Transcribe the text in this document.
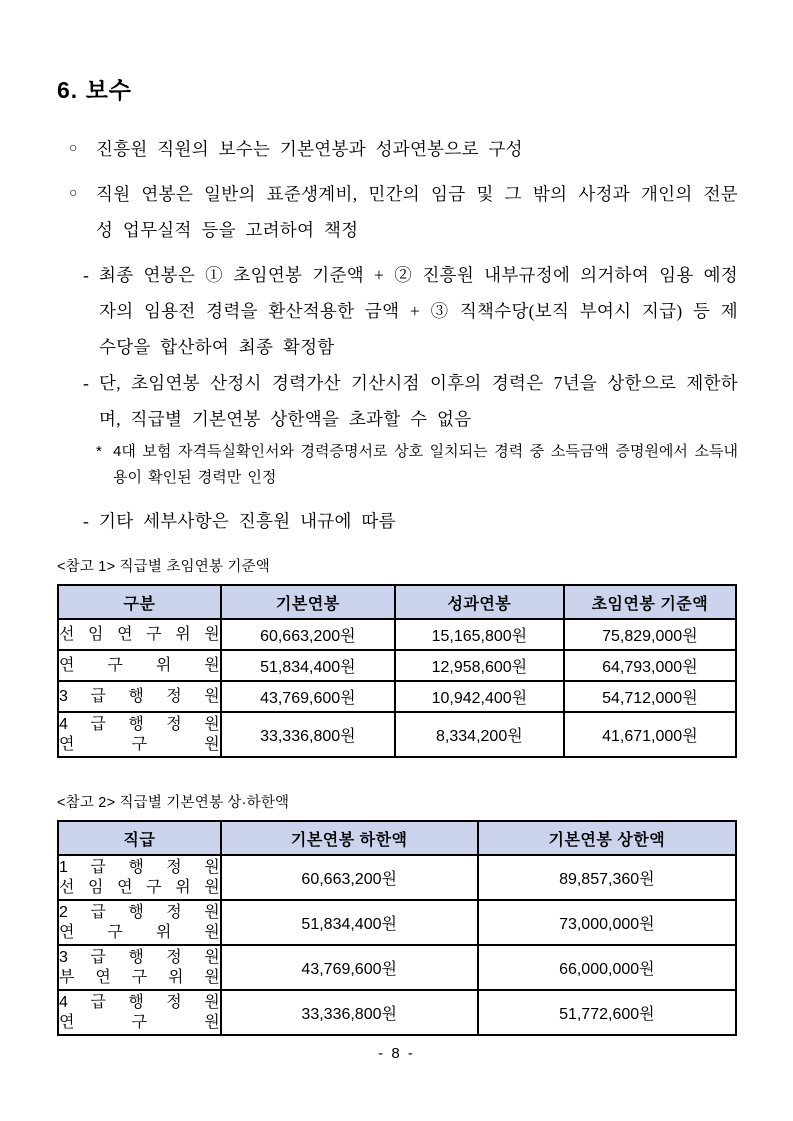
6. 보수
○	진흥원 직원의 보수는 기본연봉과 성과연봉으로 구성
○	직원 연봉은 일반의 표준생계비, 민간의 임금 및 그 밖의 사정과 개인의 전문성 업무실적 등을 고려하여 책정
- 최종 연봉은 ① 초임연봉 기준액 + ② 진흥원 내부규정에 의거하여 임용 예정자의 임용전 경력을 환산적용한 금액 + ③ 직책수당(보직 부여시 지급) 등 제수당을 합산하여 최종 확정함
- 단, 초임연봉 산정시 경력가산 기산시점 이후의 경력은 7년을 상한으로 제한하며, 직급별 기본연봉 상한액을 초과할 수 없음
* 4대 보험 자격득실확인서와 경력증명서로 상호 일치되는 경력 중 소득금액 증명원에서 소득내용이 확인된 경력만 인정
- 기타 세부사항은 진흥원 내규에 따름
<참고 1> 직급별 초임연봉 기준액
구분	기본연봉	성과연봉	초임연봉 기준액

선 임 연 구 위 원	60,663,200원	15,165,800원	75,829,000원

연 구 위 원	51,834,400원	12,958,600원	64,793,000원

3 급 행 정 원	43,769,600원	10,942,400원	54,712,000원

4 급 행 정 원
연 구 원	33,336,800원	8,334,200원	41,671,000원
<참고 2> 직급별 기본연봉 상·하한액
직급	기본연봉 하한액	기본연봉 상한액

1 급 행 정 원
선 임 연 구 위 원	60,663,200원	89,857,360원

2 급 행 정 원
연 구 위 원	51,834,400원	73,000,000원

3 급 행 정 원
부 연 구 위 원	43,769,600원	66,000,000원

4 급 행 정 원
연 구 원	33,336,800원	51,772,600원
- 8 -
